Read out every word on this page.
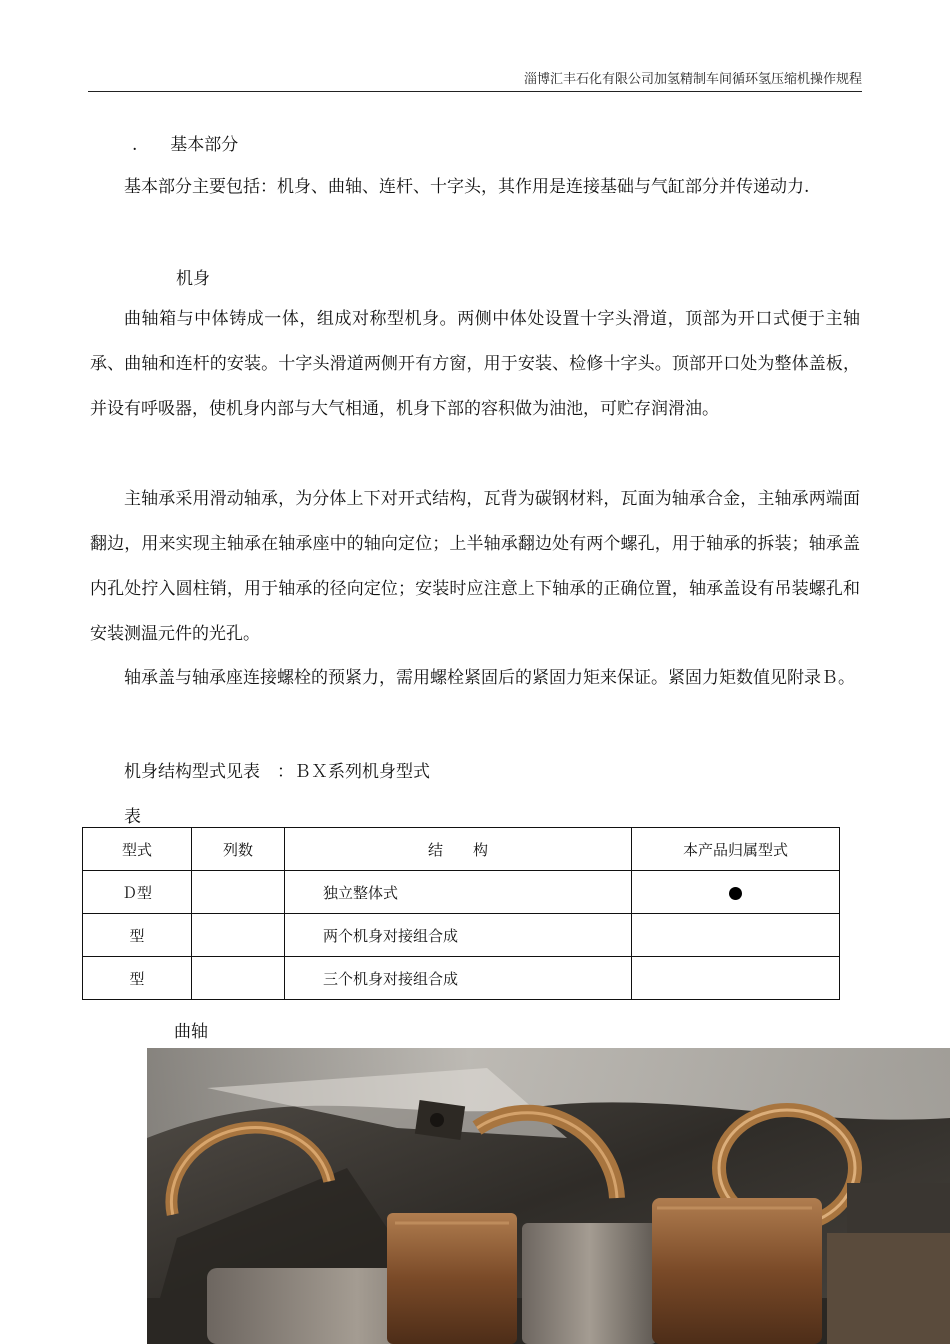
淄博汇丰石化有限公司加氢精制车间循环氢压缩机操作规程
. 基本部分
基本部分主要包括：机身、曲轴、连杆、十字头，其作用是连接基础与气缸部分并传递动力.
机身
曲轴箱与中体铸成一体，组成对称型机身。两侧中体处设置十字头滑道，顶部为开口式便于主轴承、曲轴和连杆的安装。十字头滑道两侧开有方窗，用于安装、检修十字头。顶部开口处为整体盖板，并设有呼吸器，使机身内部与大气相通，机身下部的容积做为油池，可贮存润滑油。
主轴承采用滑动轴承，为分体上下对开式结构，瓦背为碳钢材料，瓦面为轴承合金，主轴承两端面翻边，用来实现主轴承在轴承座中的轴向定位；上半轴承翻边处有两个螺孔，用于轴承的拆装；轴承盖内孔处拧入圆柱销，用于轴承的径向定位；安装时应注意上下轴承的正确位置，轴承盖设有吊装螺孔和安装测温元件的光孔。
轴承盖与轴承座连接螺栓的预紧力，需用螺栓紧固后的紧固力矩来保证。紧固力矩数值见附录Ｂ。
机身结构型式见表　：ＢＸ系列机身型式
表
型式	列数	结　　构	本产品归属型式
Ｄ型		独立整体式	
型		两个机身对接组合成	
型		三个机身对接组合成	
曲轴
